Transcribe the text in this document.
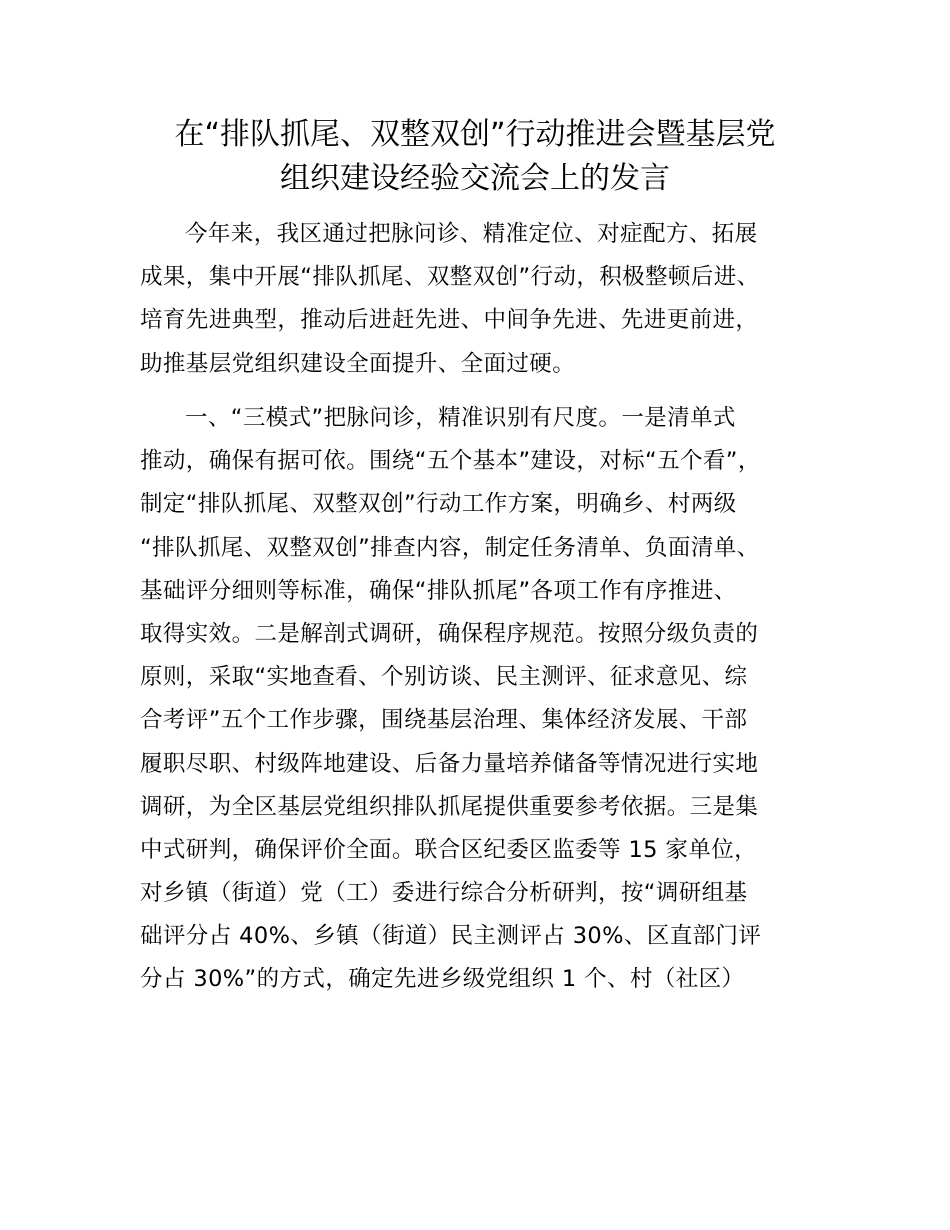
在“排队抓尾、双整双创”行动推进会暨基层党
组织建设经验交流会上的发言
今年来，我区通过把脉问诊、精准定位、对症配方、拓展
成果，集中开展“排队抓尾、双整双创”行动，积极整顿后进、
培育先进典型，推动后进赶先进、中间争先进、先进更前进，
助推基层党组织建设全面提升、全面过硬。
一、“三模式”把脉问诊，精准识别有尺度。一是清单式
推动，确保有据可依。围绕“五个基本”建设，对标“五个看”，
制定“排队抓尾、双整双创”行动工作方案，明确乡、村两级
“排队抓尾、双整双创”排查内容，制定任务清单、负面清单、
基础评分细则等标准，确保“排队抓尾”各项工作有序推进、
取得实效。二是解剖式调研，确保程序规范。按照分级负责的
原则，采取“实地查看、个别访谈、民主测评、征求意见、综
合考评”五个工作步骤，围绕基层治理、集体经济发展、干部
履职尽职、村级阵地建设、后备力量培养储备等情况进行实地
调研，为全区基层党组织排队抓尾提供重要参考依据。三是集
中式研判，确保评价全面。联合区纪委区监委等 15 家单位，
对乡镇（街道）党（工）委进行综合分析研判，按“调研组基
础评分占 40%、乡镇（街道）民主测评占 30%、区直部门评
分占 30%”的方式，确定先进乡级党组织 1 个、村（社区）
